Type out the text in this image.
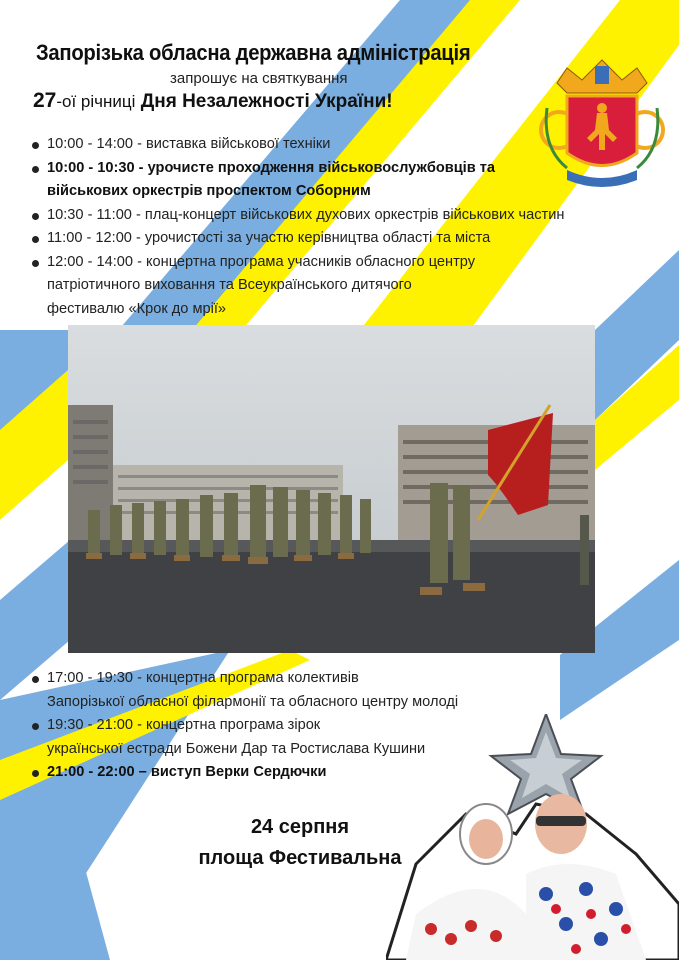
Запорізька обласна державна адміністрація
запрошує на святкування
27-ої річниці Дня Незалежності України!
10:00 - 14:00 - виставка військової техніки
10:00 - 10:30 - урочисте проходження військовослужбовців та
військових оркестрів проспектом Соборним
10:30 - 11:00 - плац-концерт військових духових оркестрів військових частин
11:00 - 12:00 - урочистості за участю керівництва області та міста
12:00 - 14:00 - концертна програма учасників обласного центру
патріотичного виховання та Всеукраїнського дитячого
фестивалю «Крок до мрії»
17:00 - 19:30 - концертна програма колективів
Запорізької обласної філармонії та обласного центру молоді
19:30 - 21:00 - концертна програма зірок
української естради Божени Дар та Ростислава Кушини
21:00 - 22:00 – виступ Верки Сердючки
24 серпня
площа Фестивальна
